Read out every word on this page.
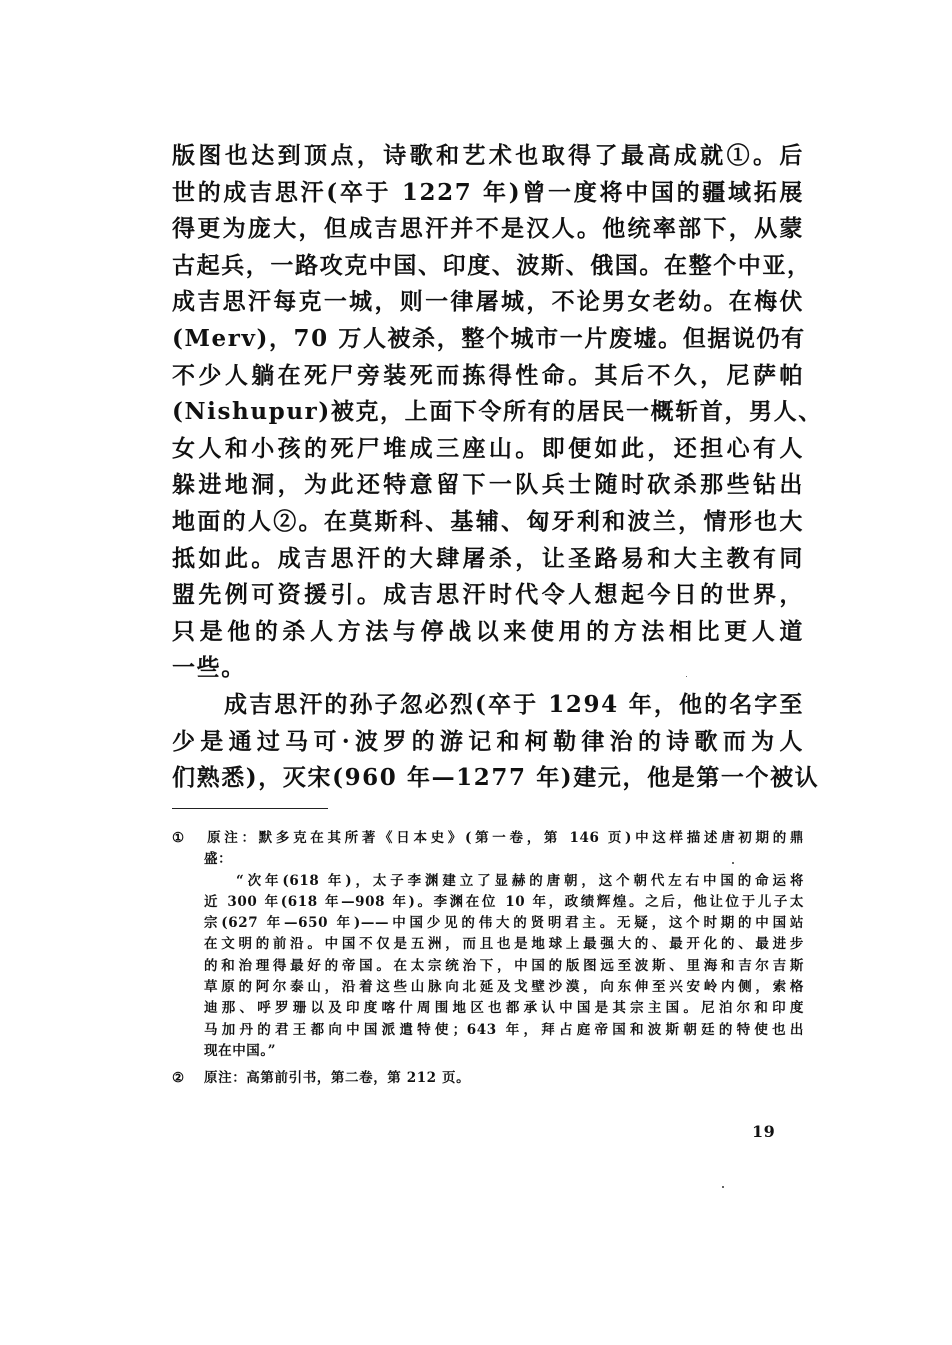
版图也达到顶点，诗歌和艺术也取得了最高成就①。后
世的成吉思汗(卒于 1227 年)曾一度将中国的疆域拓展
得更为庞大，但成吉思汗并不是汉人。他统率部下，从蒙
古起兵，一路攻克中国、印度、波斯、俄国。在整个中亚，
成吉思汗每克一城，则一律屠城，不论男女老幼。在梅伏
(Merv)，70 万人被杀，整个城市一片废墟。但据说仍有
不少人躺在死尸旁装死而拣得性命。其后不久，尼萨帕
(Nishupur)被克，上面下令所有的居民一概斩首，男人、
女人和小孩的死尸堆成三座山。即便如此，还担心有人
躲进地洞，为此还特意留下一队兵士随时砍杀那些钻出
地面的人②。在莫斯科、基辅、匈牙利和波兰，情形也大
抵如此。成吉思汗的大肆屠杀，让圣路易和大主教有同
盟先例可资援引。成吉思汗时代令人想起今日的世界，
只是他的杀人方法与停战以来使用的方法相比更人道
一些。
成吉思汗的孙子忽必烈(卒于 1294 年，他的名字至
少是通过马可·波罗的游记和柯勒律治的诗歌而为人
们熟悉)，灭宋(960 年—1277 年)建元，他是第一个被认
① 原注：默多克在其所著《日本史》(第一卷，第 146 页)中这样描述唐初期的鼎
盛：
“次年(618 年)，太子李渊建立了显赫的唐朝，这个朝代左右中国的命运将
近 300 年(618 年—908 年)。李渊在位 10 年，政绩辉煌。之后，他让位于儿子太
宗(627 年—650 年)——中国少见的伟大的贤明君主。无疑，这个时期的中国站
在文明的前沿。中国不仅是五洲，而且也是地球上最强大的、最开化的、最进步
的和治理得最好的帝国。在太宗统治下，中国的版图远至波斯、里海和吉尔吉斯
草原的阿尔泰山，沿着这些山脉向北延及戈壁沙漠，向东伸至兴安岭内侧，索格
迪那、呼罗珊以及印度喀什周围地区也都承认中国是其宗主国。尼泊尔和印度
马加丹的君王都向中国派遣特使；643 年，拜占庭帝国和波斯朝廷的特使也出
现在中国。”
② 原注：高第前引书，第二卷，第 212 页。
19
